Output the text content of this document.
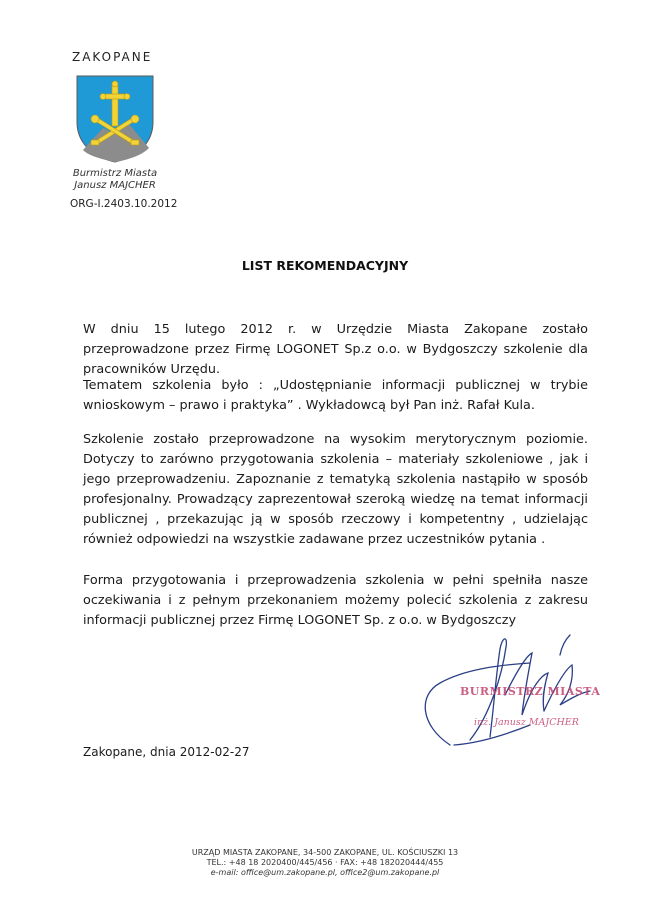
ZAKOPANE
Burmistrz Miasta
Janusz MAJCHER
ORG-I.2403.10.2012
LIST REKOMENDACYJNY
W dniu 15 lutego 2012 r. w Urzędzie Miasta Zakopane zostało przeprowadzone przez Firmę LOGONET Sp.z o.o. w Bydgoszczy szkolenie dla pracowników Urzędu.
Tematem szkolenia było : „Udostępnianie informacji publicznej w trybie wnioskowym – prawo i praktyka” . Wykładowcą był Pan inż. Rafał Kula.
Szkolenie zostało przeprowadzone na wysokim merytorycznym poziomie. Dotyczy to zarówno przygotowania szkolenia – materiały szkoleniowe , jak i jego przeprowadzeniu. Zapoznanie z tematyką szkolenia nastąpiło w sposób profesjonalny. Prowadzący zaprezentował szeroką wiedzę na temat informacji publicznej , przekazując ją w sposób rzeczowy i kompetentny , udzielając również odpowiedzi na wszystkie zadawane przez uczestników pytania .
Forma przygotowania i przeprowadzenia szkolenia w pełni spełniła nasze oczekiwania i z pełnym przekonaniem możemy polecić szkolenia z zakresu informacji publicznej przez Firmę LOGONET Sp. z o.o. w Bydgoszczy
BURMISTRZ MIASTA
inż. Janusz MAJCHER
Zakopane, dnia 2012-02-27
URZĄD MIASTA ZAKOPANE, 34-500 ZAKOPANE, UL. KOŚCIUSZKI 13
TEL.: +48 18 2020400/445/456 · FAX: +48 182020444/455
e-mail: office@um.zakopane.pl, office2@um.zakopane.pl
